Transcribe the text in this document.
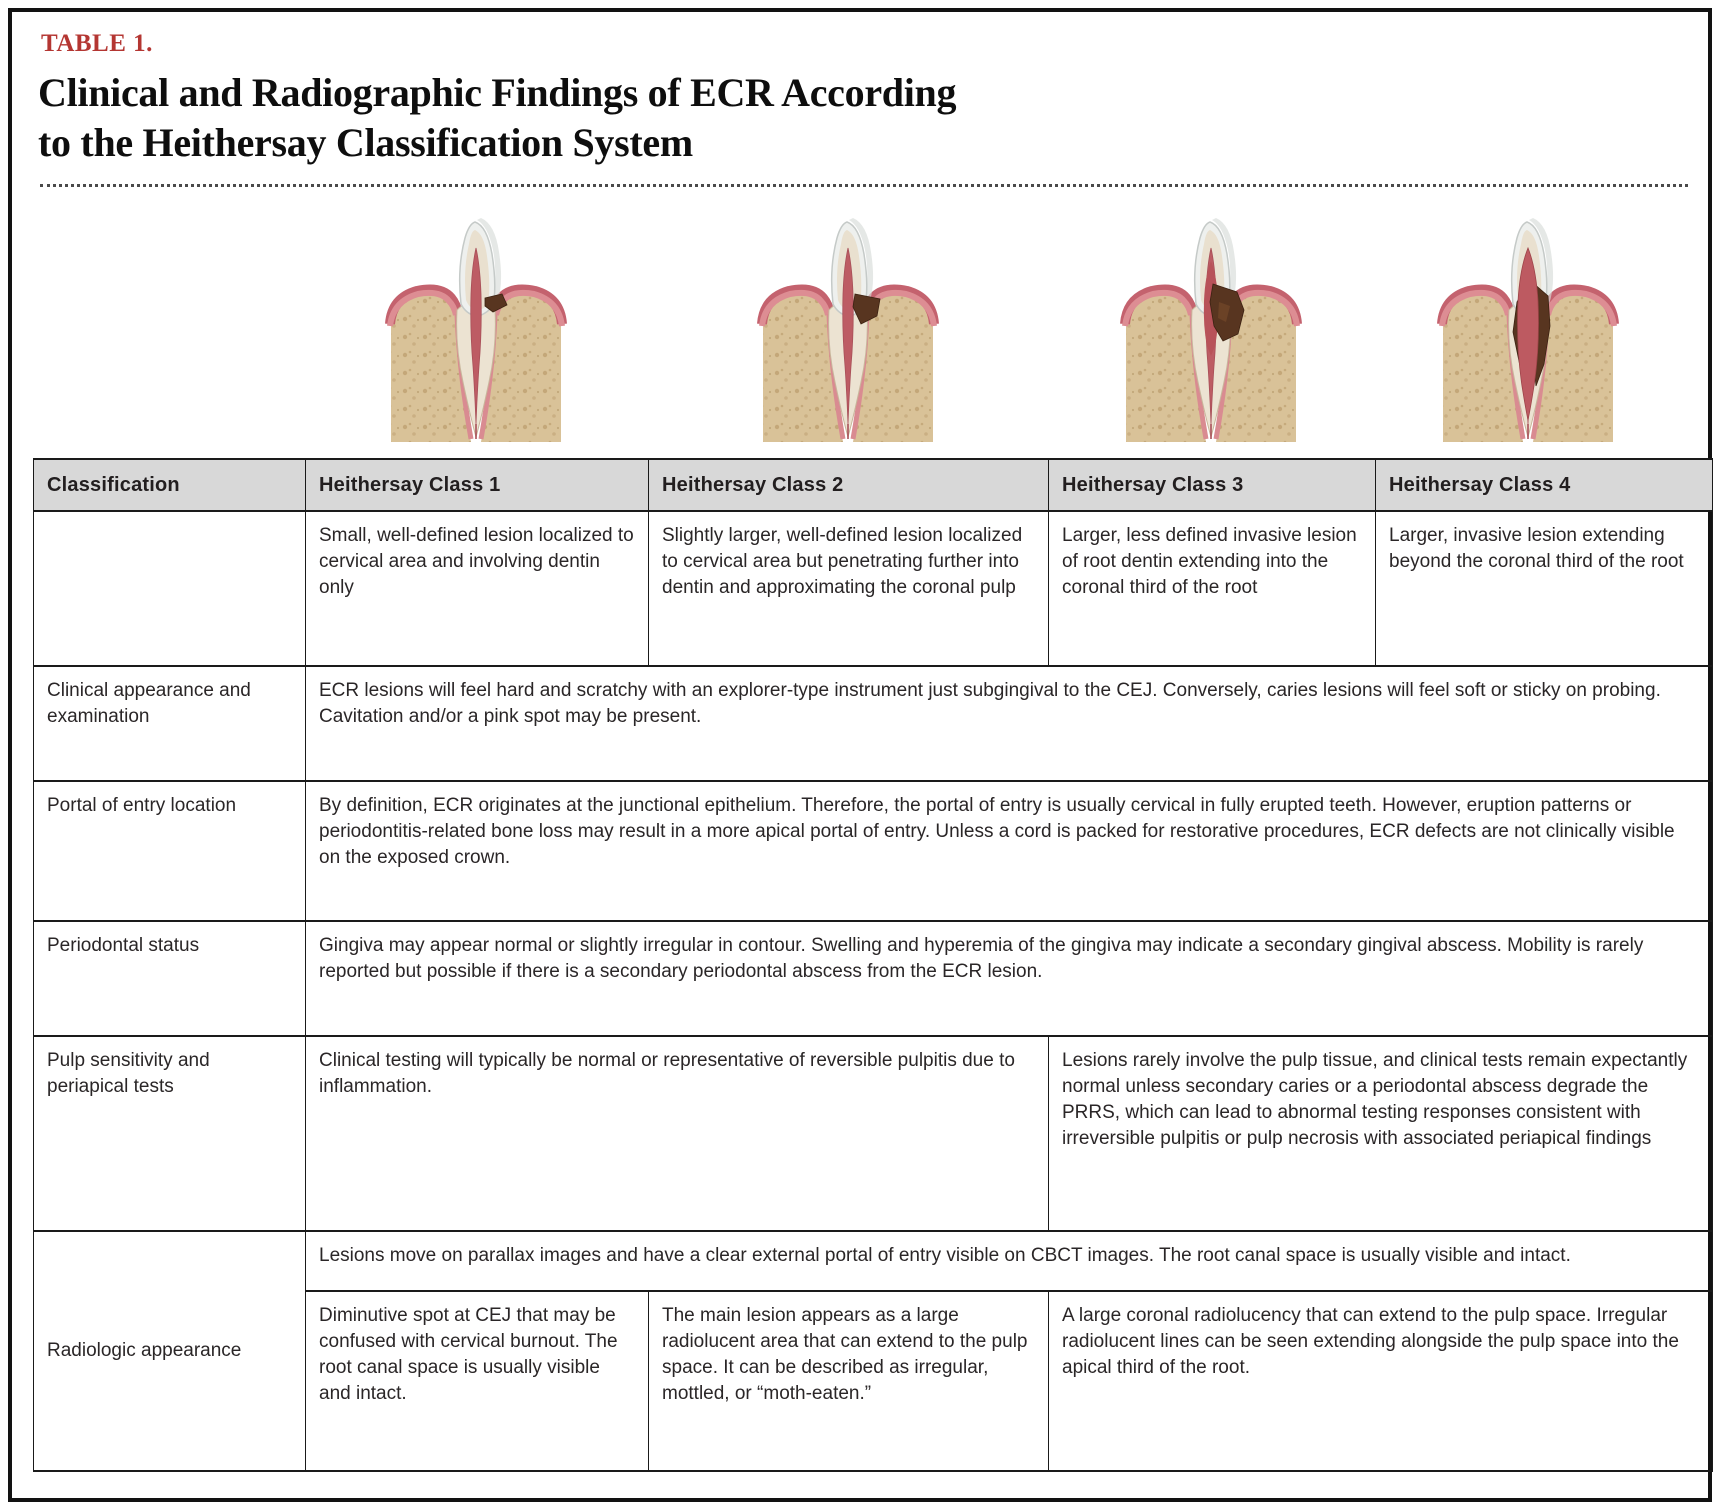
TABLE 1.
Clinical and Radiographic Findings of ECR According
to the Heithersay Classification System
Classification	Heithersay Class 1	Heithersay Class 2	Heithersay Class 3	Heithersay Class 4
	Small, well-defined lesion localized to cervical area and involving dentin only	Slightly larger, well-defined lesion localized to cervical area but penetrating further into dentin and approximating the coronal pulp	Larger, less defined invasive lesion of root dentin extending into the coronal third of the root	Larger, invasive lesion extending beyond the coronal third of the root
Clinical appearance and examination	ECR lesions will feel hard and scratchy with an explorer-type instrument just subgingival to the CEJ. Conversely, caries lesions will feel soft or sticky on probing. Cavitation and/or a pink spot may be present.			
Portal of entry location	By definition, ECR originates at the junctional epithelium. Therefore, the portal of entry is usually cervical in fully erupted teeth. However, eruption patterns or periodontitis-related bone loss may result in a more apical portal of entry. Unless a cord is packed for restorative procedures, ECR defects are not clinically visible on the exposed crown.			
Periodontal status	Gingiva may appear normal or slightly irregular in contour. Swelling and hyperemia of the gingiva may indicate a secondary gingival abscess. Mobility is rarely reported but possible if there is a secondary periodontal abscess from the ECR lesion.			
Pulp sensitivity and periapical tests	Clinical testing will typically be normal or representative of reversible pulpitis due to inflammation.		Lesions rarely involve the pulp tissue, and clinical tests remain expectantly normal unless secondary caries or a periodontal abscess degrade the PRRS, which can lead to abnormal testing responses consistent with irreversible pulpitis or pulp necrosis with associated periapical findings	
Radiologic appearance	Lesions move on parallax images and have a clear external portal of entry visible on CBCT images. The root canal space is usually visible and intact.			
	Diminutive spot at CEJ that may be confused with cervical burnout. The root canal space is usually visible and intact.	The main lesion appears as a large radiolucent area that can extend to the pulp space. It can be described as irregular, mottled, or “moth-eaten.”	A large coronal radiolucency that can extend to the pulp space. Irregular radiolucent lines can be seen extending alongside the pulp space into the apical third of the root.	
